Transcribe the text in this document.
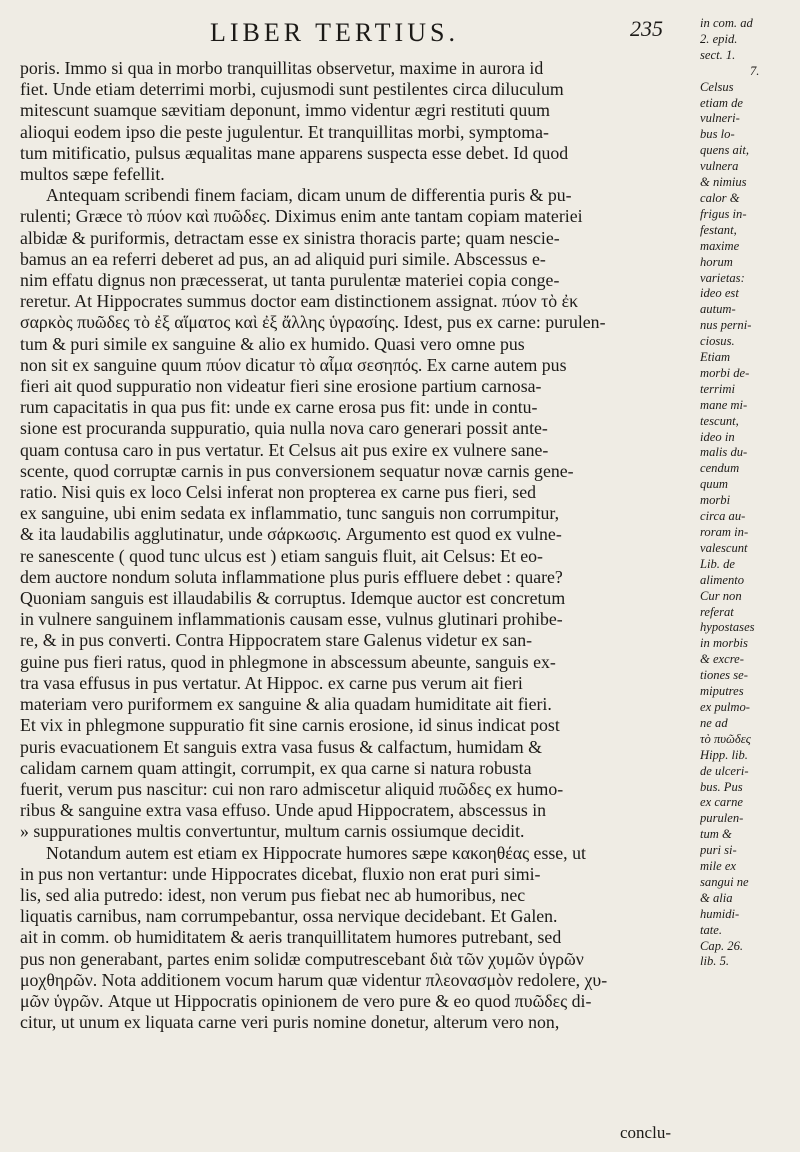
LIBER TERTIUS.	235
poris. Immo si qua in morbo tranquillitas observetur, maxime in aurora id
fiet. Unde etiam deterrimi morbi, cujusmodi sunt pestilentes circa diluculum
mitescunt suamque sævitiam deponunt, immo videntur ægri restituti quum
alioqui eodem ipso die peste jugulentur. Et tranquillitas morbi, symptoma-
tum mitificatio, pulsus æqualitas mane apparens suspecta esse debet. Id quod
multos sæpe fefellit.
Antequam scribendi finem faciam, dicam unum de differentia puris & pu-
rulenti; Græce τὸ πύον καὶ πυῶδες. Diximus enim ante tantam copiam materiei
albidæ & puriformis, detractam esse ex sinistra thoracis parte; quam nescie-
bamus an ea referri deberet ad pus, an ad aliquid puri simile. Abscessus e-
nim effatu dignus non præcesserat, ut tanta purulentæ materiei copia conge-
reretur. At Hippocrates summus doctor eam distinctionem assignat. πύον τὸ ἐκ
σαρκὸς πυῶδες τὸ ἐξ αἵματος καὶ ἐξ ἄλλης ὑγρασίης. Idest, pus ex carne: purulen-
tum & puri simile ex sanguine & alio ex humido. Quasi vero omne pus
non sit ex sanguine quum πύον dicatur τὸ αἷμα σεσηπός. Ex carne autem pus
fieri ait quod suppuratio non videatur fieri sine erosione partium carnosa-
rum capacitatis in qua pus fit: unde ex carne erosa pus fit: unde in contu-
sione est procuranda suppuratio, quia nulla nova caro generari possit ante-
quam contusa caro in pus vertatur. Et Celsus ait pus exire ex vulnere sane-
scente, quod corruptæ carnis in pus conversionem sequatur novæ carnis gene-
ratio. Nisi quis ex loco Celsi inferat non propterea ex carne pus fieri, sed
ex sanguine, ubi enim sedata ex inflammatio, tunc sanguis non corrumpitur,
& ita laudabilis agglutinatur, unde σάρκωσις. Argumento est quod ex vulne-
re sanescente ( quod tunc ulcus est ) etiam sanguis fluit, ait Celsus: Et eo-
dem auctore nondum soluta inflammatione plus puris effluere debet : quare?
Quoniam sanguis est illaudabilis & corruptus. Idemque auctor est concretum
in vulnere sanguinem inflammationis causam esse, vulnus glutinari prohibe-
re, & in pus converti. Contra Hippocratem stare Galenus videtur ex san-
guine pus fieri ratus, quod in phlegmone in abscessum abeunte, sanguis ex-
tra vasa effusus in pus vertatur. At Hippoc. ex carne pus verum ait fieri
materiam vero puriformem ex sanguine & alia quadam humiditate ait fieri.
Et vix in phlegmone suppuratio fit sine carnis erosione, id sinus indicat post
puris evacuationem Et sanguis extra vasa fusus & calfactum, humidam &
calidam carnem quam attingit, corrumpit, ex qua carne si natura robusta
fuerit, verum pus nascitur: cui non raro admiscetur aliquid πυῶδες ex humo-
ribus & sanguine extra vasa effuso. Unde apud Hippocratem, abscessus in
» suppurationes multis convertuntur, multum carnis ossiumque decidit.
Notandum autem est etiam ex Hippocrate humores sæpe κακοηθέας esse, ut
in pus non vertantur: unde Hippocrates dicebat, fluxio non erat puri simi-
lis, sed alia putredo: idest, non verum pus fiebat nec ab humoribus, nec
liquatis carnibus, nam corrumpebantur, ossa nervique decidebant. Et Galen.
ait in comm. ob humiditatem & aeris tranquillitatem humores putrebant, sed
pus non generabant, partes enim solidæ computrescebant διὰ τῶν χυμῶν ὑγρῶν
μοχθηρῶν. Nota additionem vocum harum quæ videntur πλεονασμὸν redolere, χυ-
μῶν ὑγρῶν. Atque ut Hippocratis opinionem de vero pure & eo quod πυῶδες di-
citur, ut unum ex liquata carne veri puris nomine donetur, alterum vero non,
in com. ad
2. epid.
sect. 1.
7.
Celsus
etiam de
vulneri-
bus lo-
quens ait,
vulnera
& nimius
calor &
frigus in-
festant,
maxime
horum
varietas:
ideo est
autum-
nus perni-
ciosus.
Etiam
morbi de-
terrimi
mane mi-
tescunt,
ideo in
malis du-
cendum
quum
morbi
circa au-
roram in-
valescunt
Lib. de
alimento
Cur non
referat
hypostases
in morbis
& excre-
tiones se-
miputres
ex pulmo-
ne ad
τὸ πυῶδες
Hipp. lib.
de ulceri-
bus. Pus
ex carne
purulen-
tum &
puri si-
mile ex
sangui ne
& alia
humidi-
tate.
Cap. 26.
lib. 5.
conclu-
